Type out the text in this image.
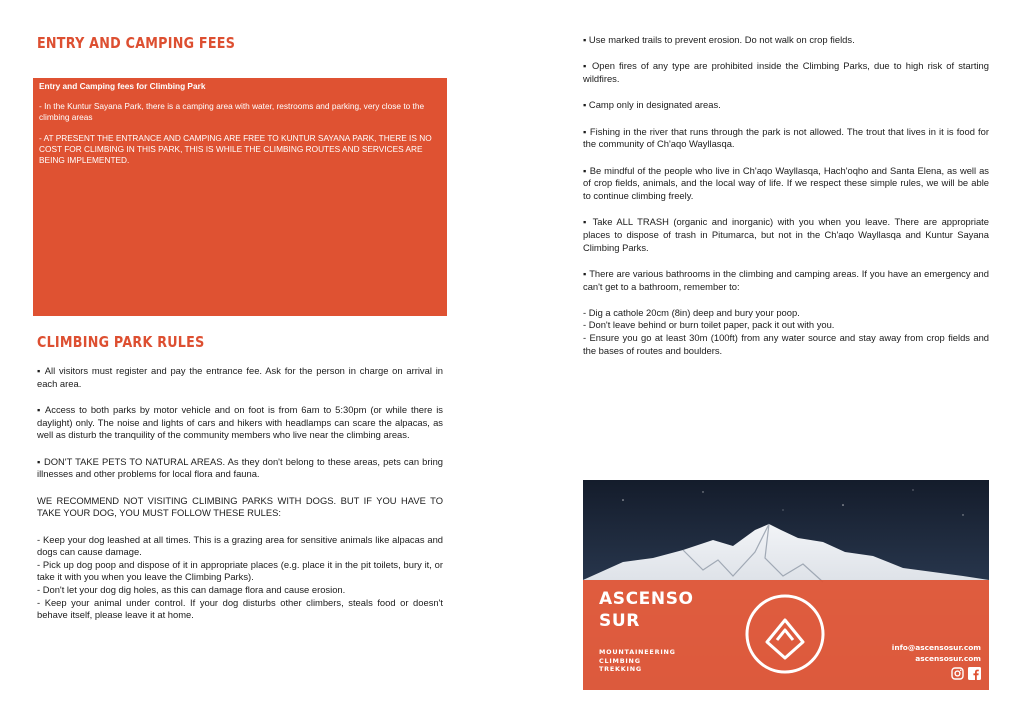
ENTRY AND CAMPING FEES
Entry and Camping fees for Climbing Park

- In the Kuntur Sayana Park, there is a camping area with water, restrooms and parking, very close to the climbing areas

- AT PRESENT THE ENTRANCE AND CAMPING ARE FREE TO KUNTUR SAYANA PARK, THERE IS NO COST FOR CLIMBING IN THIS PARK, THIS IS WHILE THE CLIMBING ROUTES AND SERVICES ARE BEING IMPLEMENTED.

CLIMBING PARK RULES

▪ All visitors must register and pay the entrance fee. Ask for the person in charge on arrival in each area.

▪ Access to both parks by motor vehicle and on foot is from 6am to 5:30pm (or while there is daylight) only. The noise and lights of cars and hikers with headlamps can scare the alpacas, as well as disturb the tranquility of the community members who live near the climbing areas.

▪ DON'T TAKE PETS TO NATURAL AREAS. As they don't belong to these areas, pets can bring illnesses and other problems for local flora and fauna.

WE RECOMMEND NOT VISITING CLIMBING PARKS WITH DOGS. BUT IF YOU HAVE TO TAKE YOUR DOG, YOU MUST FOLLOW THESE RULES:

- Keep your dog leashed at all times. This is a grazing area for sensitive animals like alpacas and dogs can cause damage.

- Pick up dog poop and dispose of it in appropriate places (e.g. place it in the pit toilets, bury it, or take it with you when you leave the Climbing Parks).

- Don't let your dog dig holes, as this can damage flora and cause erosion.

- Keep your animal under control. If your dog disturbs other climbers, steals food or doesn't behave itself, please leave it at home.

▪ Use marked trails to prevent erosion. Do not walk on crop fields.

▪ Open fires of any type are prohibited inside the Climbing Parks, due to high risk of starting wildfires.

▪ Camp only in designated areas.

▪ Fishing in the river that runs through the park is not allowed. The trout that lives in it is food for the community of Ch'aqo Wayllasqa.

▪ Be mindful of the people who live in Ch'aqo Wayllasqa, Hach'oqho and Santa Elena, as well as of crop fields, animals, and the local way of life. If we respect these simple rules, we will be able to continue climbing freely.

▪ Take ALL TRASH (organic and inorganic) with you when you leave. There are appropriate places to dispose of trash in Pitumarca, but not in the Ch'aqo Wayllasqa and Kuntur Sayana Climbing Parks.

▪ There are various bathrooms in the climbing and camping areas. If you have an emergency and can't get to a bathroom, remember to:

- Dig a cathole 20cm (8in) deep and bury your poop.

- Don't leave behind or burn toilet paper, pack it out with you.

- Ensure you go at least 30m (100ft) from any water source and stay away from crop fields and the bases of routes and boulders.

ASCENSO
SUR
MOUNTAINEERING
CLIMBING
TREKKING
info@ascensosur.com
ascensosur.com
